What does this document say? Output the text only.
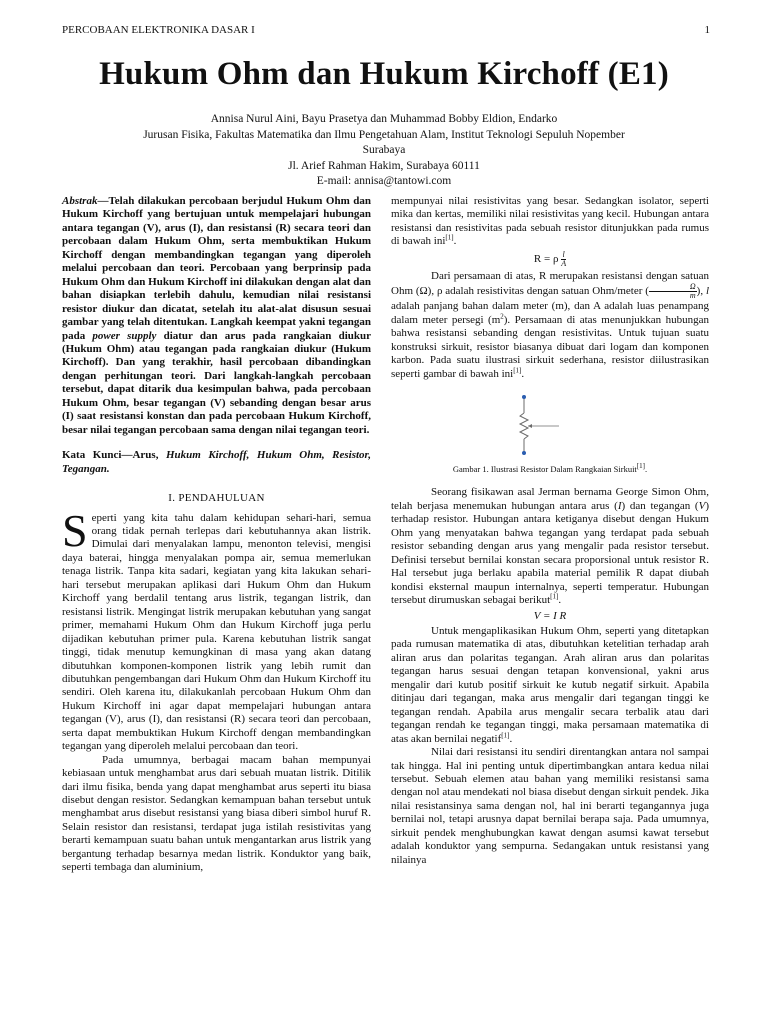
PERCOBAAN ELEKTRONIKA DASAR I	1
Hukum Ohm dan Hukum Kirchoff (E1)
Annisa Nurul Aini, Bayu Prasetya dan Muhammad Bobby Eldion, Endarko
Jurusan Fisika, Fakultas Matematika dan Ilmu Pengetahuan Alam, Institut Teknologi Sepuluh Nopember
Surabaya
Jl. Arief Rahman Hakim, Surabaya 60111
E-mail: annisa@tantowi.com

Abstrak—Telah dilakukan percobaan berjudul Hukum Ohm dan Hukum Kirchoff yang bertujuan untuk mempelajari hubungan antara tegangan (V), arus (I), dan resistansi (R) secara teori dan percobaan dalam Hukum Ohm, serta membuktikan Hukum Kirchoff dengan membandingkan tegangan yang diperoleh melalui percobaan dan teori. Percobaan yang berprinsip pada Hukum Ohm dan Hukum Kirchoff ini dilakukan dengan alat dan bahan disiapkan terlebih dahulu, kemudian nilai resistansi resistor diukur dan dicatat, setelah itu alat-alat disusun sesuai gambar yang telah ditentukan. Langkah keempat yakni tegangan pada power supply diatur dan arus pada rangkaian diukur (Hukum Ohm) atau tegangan pada rangkaian diukur (Hukum Kirchoff). Dan yang terakhir, hasil percobaan dibandingkan dengan perhitungan teori. Dari langkah-langkah percobaan tersebut, dapat ditarik dua kesimpulan bahwa, pada percobaan Hukum Ohm, besar tegangan (V) sebanding dengan besar arus (I) saat resistansi konstan dan pada percobaan Hukum Kirchoff, besar nilai tegangan percobaan sama dengan nilai tegangan teori.

Kata Kunci—Arus, Hukum Kirchoff, Hukum Ohm, Resistor, Tegangan.

I. PENDAHULUAN

Seperti yang kita tahu dalam kehidupan sehari-hari, semua orang tidak pernah terlepas dari kebutuhannya akan listrik. Dimulai dari menyalakan lampu, menonton televisi, mengisi daya baterai, hingga menyalakan pompa air, semua memerlukan tenaga listrik. Tanpa kita sadari, kegiatan yang kita lakukan sehari-hari tersebut merupakan aplikasi dari Hukum Ohm dan Hukum Kirchoff yang berdalil tentang arus listrik, tegangan listrik, dan resistansi listrik. Mengingat listrik merupakan kebutuhan yang sangat primer, memahami Hukum Ohm dan Hukum Kirchoff juga perlu dijadikan kebutuhan primer pula. Karena kebutuhan listrik sangat tinggi, tidak menutup kemungkinan di masa yang akan datang dibutuhkan komponen-komponen listrik yang lebih rumit dan dibutuhkan pengembangan dari Hukum Ohm dan Hukum Kirchoff itu sendiri. Oleh karena itu, dilakukanlah percobaan Hukum Ohm dan Hukum Kirchoff ini agar dapat mempelajari hubungan antara tegangan (V), arus (I), dan resistansi (R) secara teori dan percobaan, serta dapat membuktikan Hukum Kirchoff dengan membandingkan tegangan yang diperoleh melalui percobaan dan teori.

Pada umumnya, berbagai macam bahan mempunyai kebiasaan untuk menghambat arus dari sebuah muatan listrik. Ditilik dari ilmu fisika, benda yang dapat menghambat arus seperti itu biasa disebut dengan resistor. Sedangkan kemampuan bahan tersebut untuk menghambat arus disebut resistansi yang biasa diberi simbol huruf R. Selain resistor dan resistansi, terdapat juga istilah resistivitas yang berarti kemampuan suatu bahan untuk mengantarkan arus listrik yang bergantung terhadap besarnya medan listrik. Konduktor yang baik, seperti tembaga dan aluminium,

mempunyai nilai resistivitas yang besar. Sedangkan isolator, seperti mika dan kertas, memiliki nilai resistivitas yang kecil. Hubungan antara resistansi dan resistivitas pada sebuah resistor ditunjukkan pada rumus di bawah ini[1].

R = ρ $\frac{l}{A}$

Dari persamaan di atas, R merupakan resistansi dengan satuan Ohm (Ω), ρ adalah resistivitas dengan satuan Ohm/meter ( $\frac{\Omega}{m}$ ), l adalah panjang bahan dalam meter (m), dan A adalah luas penampang dalam meter persegi $(m^2)$. Persamaan di atas menunjukkan hubungan bahwa resistansi sebanding dengan resistivitas. Untuk tujuan suatu konstruksi sirkuit, resistor biasanya dibuat dari logam dan komponen karbon. Pada suatu ilustrasi sirkuit sederhana, resistor diilustrasikan seperti gambar di bawah ini[1].

Gambar 1. Ilustrasi Resistor Dalam Rangkaian Sirkuit[1].

Seorang fisikawan asal Jerman bernama George Simon Ohm, telah berjasa menemukan hubungan antara arus (I) dan tegangan (V) terhadap resistor. Hubungan antara ketiganya disebut dengan Hukum Ohm yang menyatakan bahwa tegangan yang terdapat pada sebuah resistor sebanding dengan arus yang mengalir pada resistor tersebut. Definisi tersebut bernilai konstan secara proporsional untuk resistor R. Hal tersebut juga berlaku apabila material pemilik R dapat diubah kondisi eksternal maupun internalnya, seperti temperatur. Hubungan tersebut dirumuskan sebagai berikut[1].

V = I R

Untuk mengaplikasikan Hukum Ohm, seperti yang ditetapkan pada rumusan matematika di atas, dibutuhkan ketelitian terhadap arah aliran arus dan polaritas tegangan. Arah aliran arus dan polaritas tegangan harus sesuai dengan tetapan konvensional, yakni arus mengalir dari kutub positif sirkuit ke kutub negatif sirkuit. Apabila ditinjau dari tegangan, maka arus mengalir dari tegangan tinggi ke tegangan rendah. Apabila arus mengalir secara terbalik atau dari tegangan rendah ke tegangan tinggi, maka persamaan matematika di atas akan bernilai negatif[1].

Nilai dari resistansi itu sendiri direntangkan antara nol sampai tak hingga. Hal ini penting untuk dipertimbangkan antara kedua nilai tersebut. Sebuah elemen atau bahan yang memiliki resistansi sama dengan nol atau mendekati nol biasa disebut dengan sirkuit pendek. Jika nilai resistansinya sama dengan nol, hal ini berarti tegangannya juga bernilai nol, tetapi arusnya dapat bernilai berapa saja. Pada umumnya, sirkuit pendek menghubungkan kawat dengan asumsi kawat tersebut adalah konduktor yang sempurna. Sedangakan untuk resistansi yang nilainya
